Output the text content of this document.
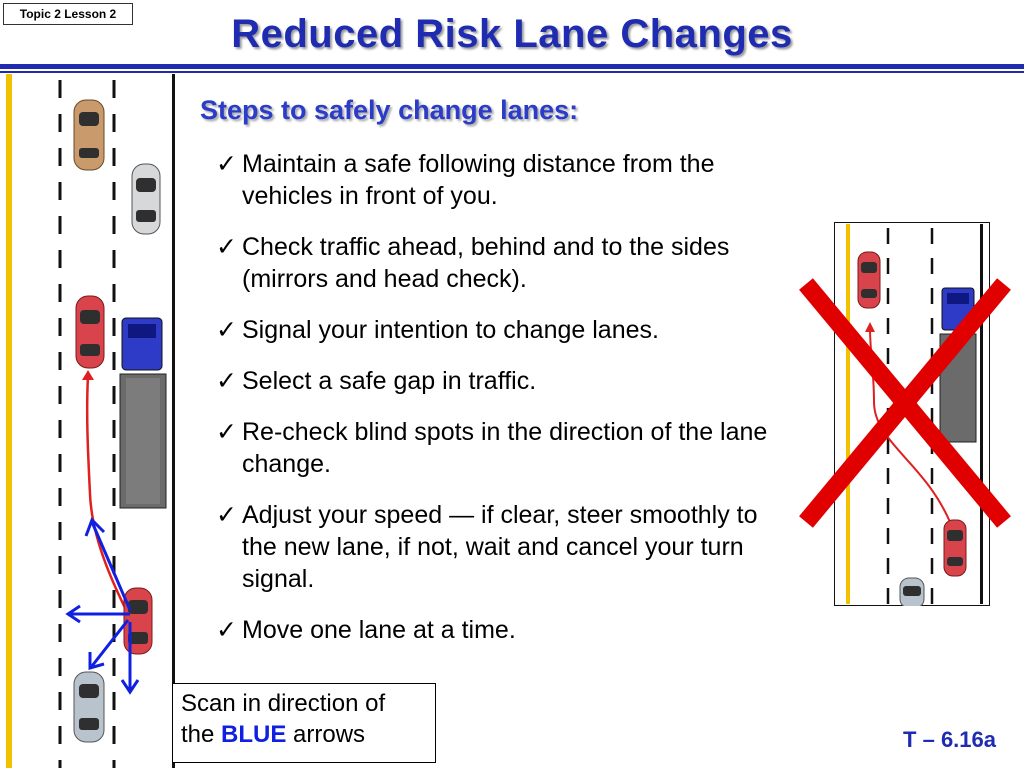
Topic 2 Lesson 2	Reduced Risk Lane Changes
Steps to safely change lanes:
✓ Maintain a safe following distance from the vehicles in front of you.
✓ Check traffic ahead, behind and to the sides (mirrors and head check).
✓ Signal your intention to change lanes.
✓ Select a safe gap in traffic.
✓ Re-check blind spots in the direction of the lane change.
✓ Adjust your speed — if clear, steer smoothly to the new lane, if not, wait and cancel your turn signal.
✓ Move one lane at a time.
Scan in direction of
the BLUE arrows	T – 6.16a
